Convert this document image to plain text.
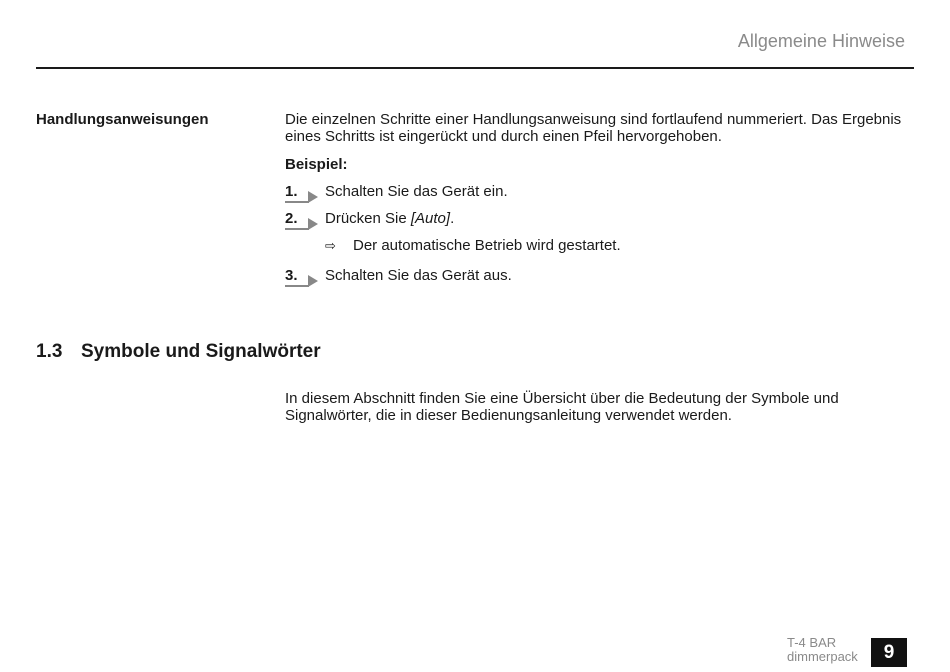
Allgemeine Hinweise
Handlungsanweisungen	Die einzelnen Schritte einer Handlungsanweisung sind fortlaufend nummeriert. Das Ergebnis eines Schritts ist eingerückt und durch einen Pfeil hervorgehoben.

Beispiel:
1. Schalten Sie das Gerät ein.
2. Drücken Sie [Auto].
⇨ Der automatische Betrieb wird gestartet.
3. Schalten Sie das Gerät aus.
1.3 Symbole und Signalwörter

In diesem Abschnitt finden Sie eine Übersicht über die Bedeutung der Symbole und Signalwörter, die in dieser Bedienungsanleitung verwendet werden.

T-4 BAR
dimmerpack	9
